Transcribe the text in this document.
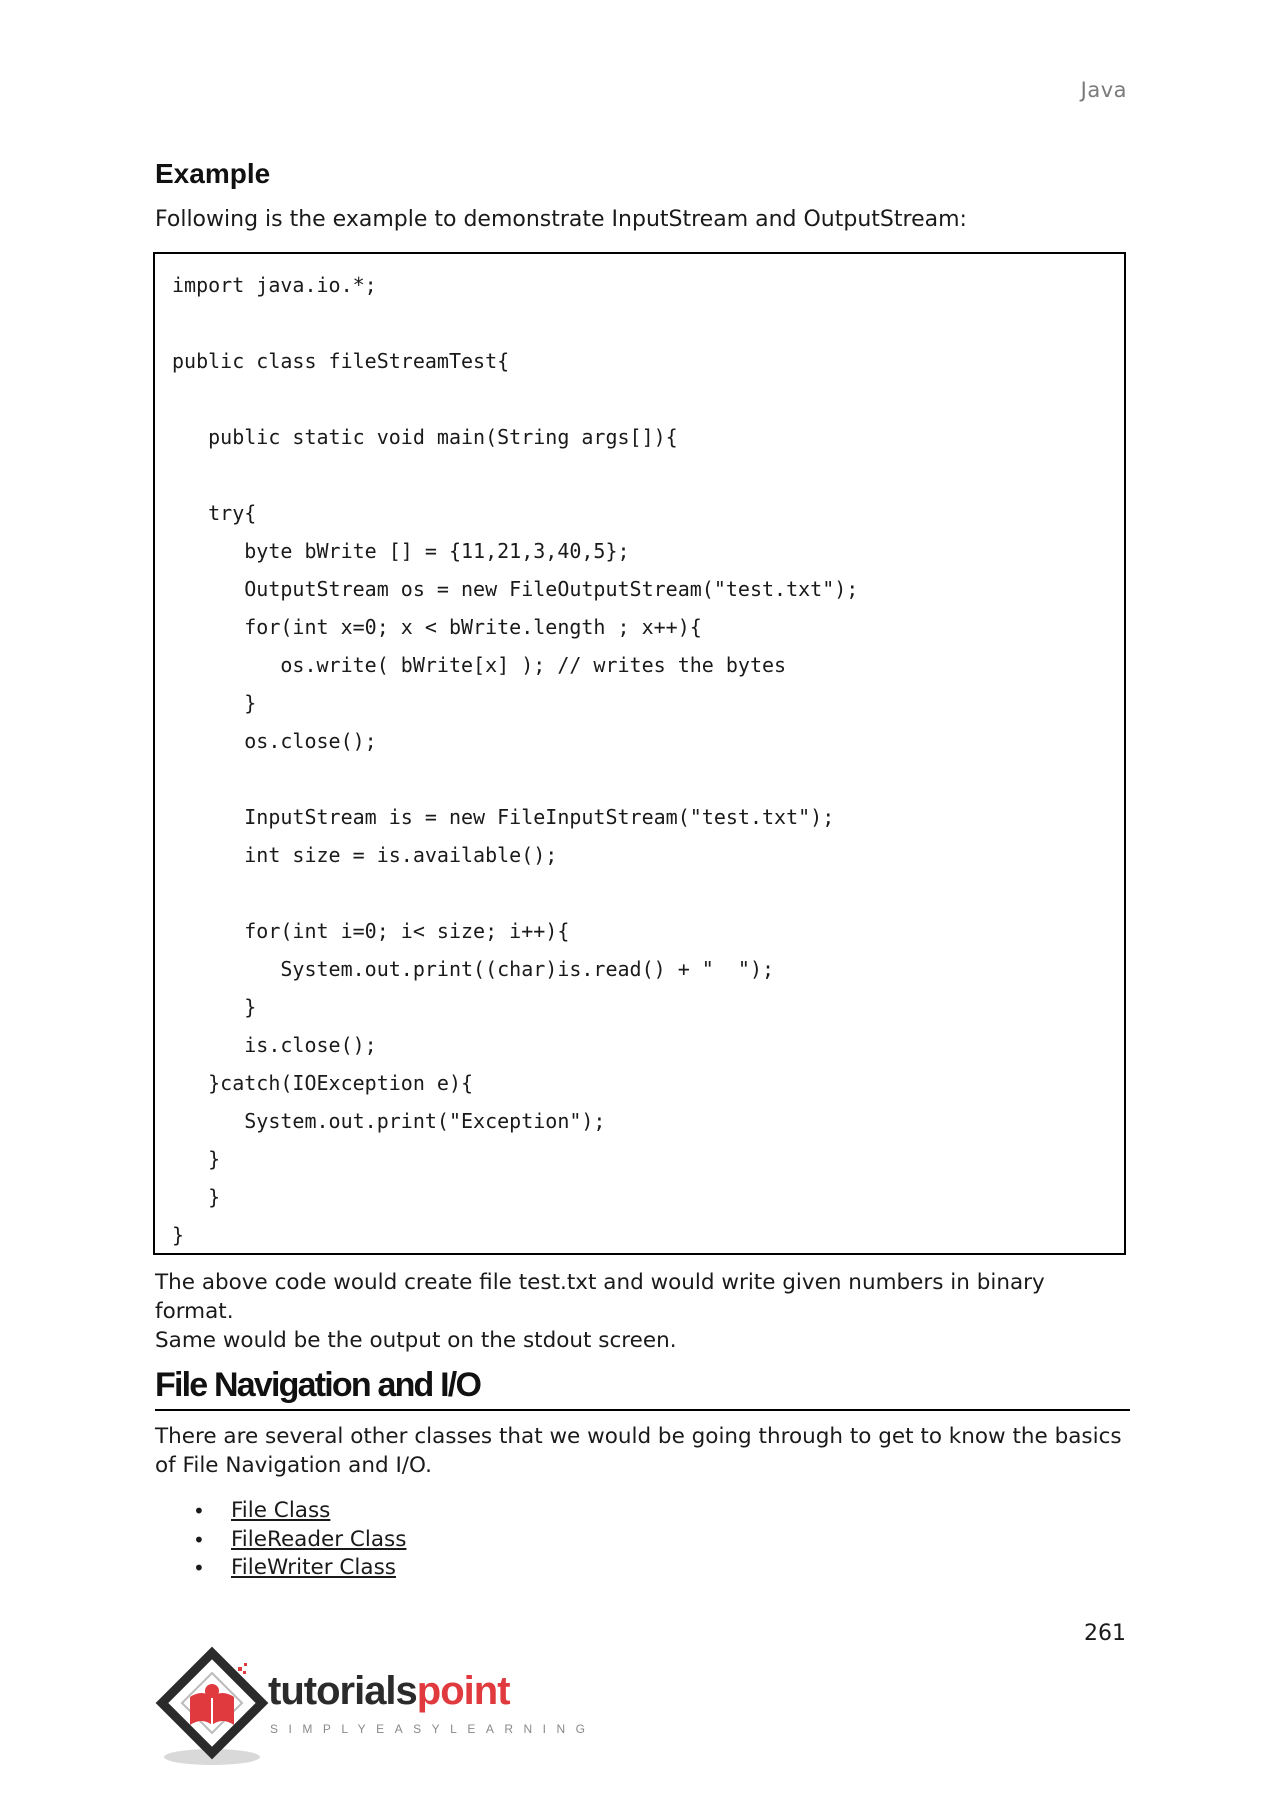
Java
Example
Following is the example to demonstrate InputStream and OutputStream:
import java.io.*;
public class fileStreamTest{
public static void main(String args[]){
try{
byte bWrite [] = {11,21,3,40,5};
OutputStream os = new FileOutputStream("test.txt");
for(int x=0; x < bWrite.length ; x++){
os.write( bWrite[x] ); // writes the bytes
}
os.close();
InputStream is = new FileInputStream("test.txt");
int size = is.available();
for(int i=0; i< size; i++){
System.out.print((char)is.read() + "  ");
}
is.close();
}catch(IOException e){
System.out.print("Exception");
}
}
}
The above code would create file test.txt and would write given numbers in binary format.
Same would be the output on the stdout screen.
File Navigation and I/O
There are several other classes that we would be going through to get to know the basics
of File Navigation and I/O.
• File Class
• FileReader Class
• FileWriter Class
261
tutorialspoint
SIMPLYEASYLEARNING
